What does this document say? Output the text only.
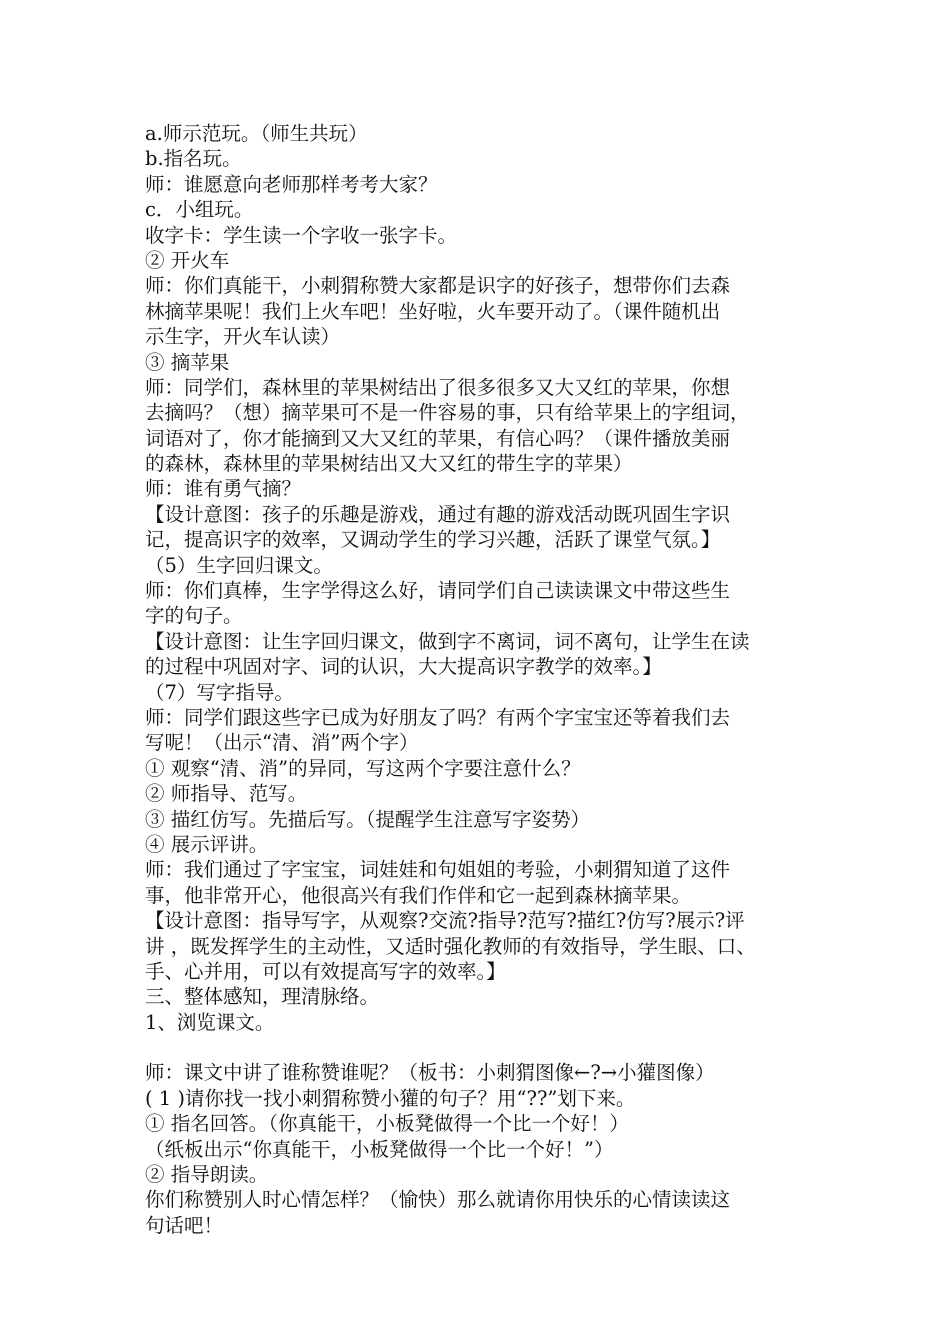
a.师示范玩。（师生共玩）
b.指名玩。
师：谁愿意向老师那样考考大家？
c．小组玩。
收字卡：学生读一个字收一张字卡。
② 开火车
师：你们真能干，小刺猬称赞大家都是识字的好孩子，想带你们去森
林摘苹果呢！我们上火车吧！坐好啦，火车要开动了。（课件随机出
示生字，开火车认读）
③ 摘苹果
师：同学们，森林里的苹果树结出了很多很多又大又红的苹果，你想
去摘吗？（想）摘苹果可不是一件容易的事，只有给苹果上的字组词，
词语对了，你才能摘到又大又红的苹果，有信心吗？（课件播放美丽
的森林，森林里的苹果树结出又大又红的带生字的苹果）
师：谁有勇气摘？
【设计意图：孩子的乐趣是游戏，通过有趣的游戏活动既巩固生字识
记，提高识字的效率，又调动学生的学习兴趣，活跃了课堂气氛。】
（5）生字回归课文。
师：你们真棒，生字学得这么好，请同学们自己读读课文中带这些生
字的句子。
【设计意图：让生字回归课文，做到字不离词，词不离句，让学生在读
的过程中巩固对字、词的认识，大大提高识字教学的效率。】
（7）写字指导。
师：同学们跟这些字已成为好朋友了吗？有两个字宝宝还等着我们去
写呢！（出示“清、消”两个字）
① 观察“清、消”的异同，写这两个字要注意什么？
② 师指导、范写。
③ 描红仿写。先描后写。（提醒学生注意写字姿势）
④ 展示评讲。
师：我们通过了字宝宝，词娃娃和句姐姐的考验，小刺猬知道了这件
事，他非常开心，他很高兴有我们作伴和它一起到森林摘苹果。
【设计意图：指导写字，从观察?交流?指导?范写?描红?仿写?展示?评
讲 ，既发挥学生的主动性，又适时强化教师的有效指导，学生眼、口、
手、心并用，可以有效提高写字的效率。】
三、整体感知，理清脉络。
1、浏览课文。
师：课文中讲了谁称赞谁呢？（板书：小刺猬图像←?→小獾图像）
( 1 )请你找一找小刺猬称赞小獾的句子？用“??”划下来。
① 指名回答。（你真能干，小板凳做得一个比一个好！）
（纸板出示“你真能干，小板凳做得一个比一个好！”）
② 指导朗读。
你们称赞别人时心情怎样？（愉快）那么就请你用快乐的心情读读这
句话吧！
